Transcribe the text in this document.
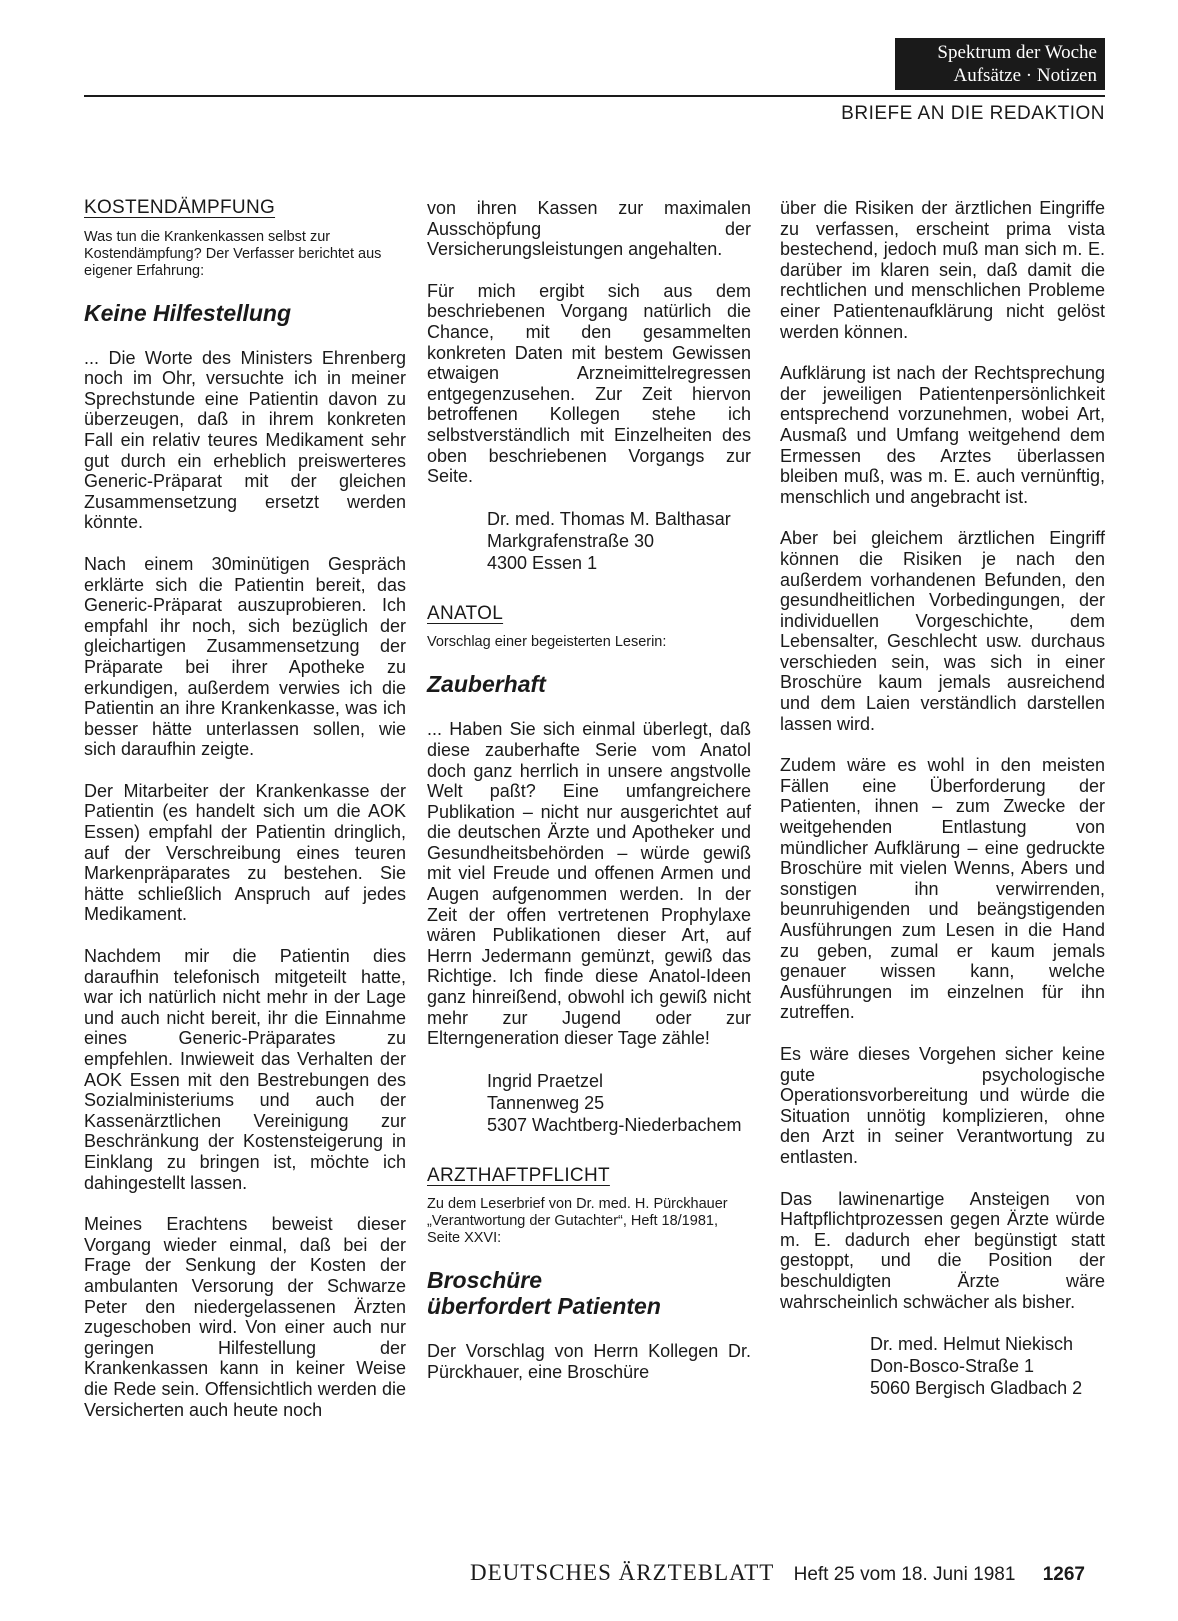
Spektrum der Woche
Aufsätze · Notizen
BRIEFE AN DIE REDAKTION
KOSTENDÄMPFUNG
Was tun die Krankenkassen selbst zur Kostendämpfung? Der Verfasser berichtet aus eigener Erfahrung:
Keine Hilfestellung

... Die Worte des Ministers Ehrenberg noch im Ohr, versuchte ich in meiner Sprechstunde eine Patientin davon zu überzeugen, daß in ihrem konkreten Fall ein relativ teures Medikament sehr gut durch ein erheblich preiswerteres Generic-Präparat mit der gleichen Zusammensetzung ersetzt werden könnte.

Nach einem 30minütigen Gespräch erklärte sich die Patientin bereit, das Generic-Präparat auszuprobieren. Ich empfahl ihr noch, sich bezüglich der gleichartigen Zusammensetzung der Präparate bei ihrer Apotheke zu erkundigen, außerdem verwies ich die Patientin an ihre Krankenkasse, was ich besser hätte unterlassen sollen, wie sich daraufhin zeigte.

Der Mitarbeiter der Krankenkasse der Patientin (es handelt sich um die AOK Essen) empfahl der Patientin dringlich, auf der Verschreibung eines teuren Markenpräparates zu bestehen. Sie hätte schließlich Anspruch auf jedes Medikament.

Nachdem mir die Patientin dies daraufhin telefonisch mitgeteilt hatte, war ich natürlich nicht mehr in der Lage und auch nicht bereit, ihr die Einnahme eines Generic-Präparates zu empfehlen. Inwieweit das Verhalten der AOK Essen mit den Bestrebungen des Sozialministeriums und auch der Kassenärztlichen Vereinigung zur Beschränkung der Kostensteigerung in Einklang zu bringen ist, möchte ich dahingestellt lassen.

Meines Erachtens beweist dieser Vorgang wieder einmal, daß bei der Frage der Senkung der Kosten der ambulanten Versorung der Schwarze Peter den niedergelassenen Ärzten zugeschoben wird. Von einer auch nur geringen Hilfestellung der Krankenkassen kann in keiner Weise die Rede sein. Offensichtlich werden die Versicherten auch heute noch

von ihren Kassen zur maximalen Ausschöpfung der Versicherungsleistungen angehalten.

Für mich ergibt sich aus dem beschriebenen Vorgang natürlich die Chance, mit den gesammelten konkreten Daten mit bestem Gewissen etwaigen Arzneimittelregressen entgegenzusehen. Zur Zeit hiervon betroffenen Kollegen stehe ich selbstverständlich mit Einzelheiten des oben beschriebenen Vorgangs zur Seite.

Dr. med. Thomas M. Balthasar
Markgrafenstraße 30
4300 Essen 1
ANATOL
Vorschlag einer begeisterten Leserin:
Zauberhaft

... Haben Sie sich einmal überlegt, daß diese zauberhafte Serie vom Anatol doch ganz herrlich in unsere angstvolle Welt paßt? Eine umfangreichere Publikation – nicht nur ausgerichtet auf die deutschen Ärzte und Apotheker und Gesundheitsbehörden – würde gewiß mit viel Freude und offenen Armen und Augen aufgenommen werden. In der Zeit der offen vertretenen Prophylaxe wären Publikationen dieser Art, auf Herrn Jedermann gemünzt, gewiß das Richtige. Ich finde diese Anatol-Ideen ganz hinreißend, obwohl ich gewiß nicht mehr zur Jugend oder zur Elterngeneration dieser Tage zähle!

Ingrid Praetzel
Tannenweg 25
5307 Wachtberg-Niederbachem
ARZTHAFTPFLICHT
Zu dem Leserbrief von Dr. med. H. Pürckhauer „Verantwortung der Gutachter“, Heft 18/1981, Seite XXVI:
Broschüre
überfordert Patienten

Der Vorschlag von Herrn Kollegen Dr. Pürckhauer, eine Broschüre

über die Risiken der ärztlichen Eingriffe zu verfassen, erscheint prima vista bestechend, jedoch muß man sich m. E. darüber im klaren sein, daß damit die rechtlichen und menschlichen Probleme einer Patientenaufklärung nicht gelöst werden können.

Aufklärung ist nach der Rechtsprechung der jeweiligen Patientenpersönlichkeit entsprechend vorzunehmen, wobei Art, Ausmaß und Umfang weitgehend dem Ermessen des Arztes überlassen bleiben muß, was m. E. auch vernünftig, menschlich und angebracht ist.

Aber bei gleichem ärztlichen Eingriff können die Risiken je nach den außerdem vorhandenen Befunden, den gesundheitlichen Vorbedingungen, der individuellen Vorgeschichte, dem Lebensalter, Geschlecht usw. durchaus verschieden sein, was sich in einer Broschüre kaum jemals ausreichend und dem Laien verständlich darstellen lassen wird.

Zudem wäre es wohl in den meisten Fällen eine Überforderung der Patienten, ihnen – zum Zwecke der weitgehenden Entlastung von mündlicher Aufklärung – eine gedruckte Broschüre mit vielen Wenns, Abers und sonstigen ihn verwirrenden, beunruhigenden und beängstigenden Ausführungen zum Lesen in die Hand zu geben, zumal er kaum jemals genauer wissen kann, welche Ausführungen im einzelnen für ihn zutreffen.

Es wäre dieses Vorgehen sicher keine gute psychologische Operationsvorbereitung und würde die Situation unnötig komplizieren, ohne den Arzt in seiner Verantwortung zu entlasten.

Das lawinenartige Ansteigen von Haftpflichtprozessen gegen Ärzte würde m. E. dadurch eher begünstigt statt gestoppt, und die Position der beschuldigten Ärzte wäre wahrscheinlich schwächer als bisher.

Dr. med. Helmut Niekisch
Don-Bosco-Straße 1
5060 Bergisch Gladbach 2
DEUTSCHES ÄRZTEBLATT Heft 25 vom 18. Juni 1981 1267
